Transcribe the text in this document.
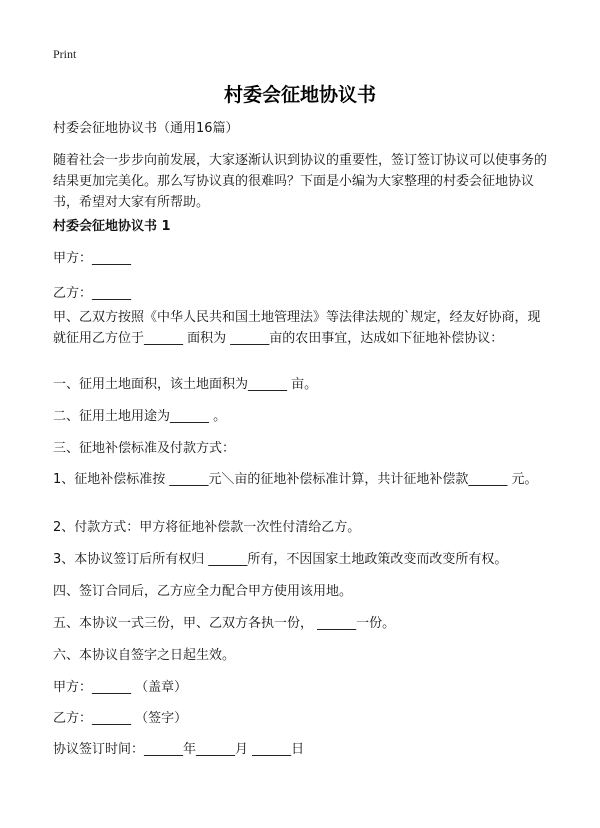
Print
村委会征地协议书
村委会征地协议书（通用16篇）
随着社会一步步向前发展，大家逐渐认识到协议的重要性，签订签订协议可以使事务的结果更加完美化。那么写协议真的很难吗？下面是小编为大家整理的村委会征地协议书，希望对大家有所帮助。
村委会征地协议书 1
甲方：______
乙方：______
甲、乙双方按照《中华人民共和国土地管理法》等法律法规的`规定，经友好协商，现就征用乙方位于______ 面积为 ______亩的农田事宜，达成如下征地补偿协议：
一、征用土地面积，该土地面积为______ 亩。
二、征用土地用途为______ 。
三、征地补偿标准及付款方式：
1、征地补偿标准按 ______元＼亩的征地补偿标准计算，共计征地补偿款______ 元。
2、付款方式：甲方将征地补偿款一次性付清给乙方。
3、本协议签订后所有权归 ______所有，不因国家土地政策改变而改变所有权。
四、签订合同后，乙方应全力配合甲方使用该用地。
五、本协议一式三份，甲、乙双方各执一份， ______一份。
六、本协议自签字之日起生效。
甲方：______ （盖章）
乙方：______ （签字）
协议签订时间：______年______月 ______日
